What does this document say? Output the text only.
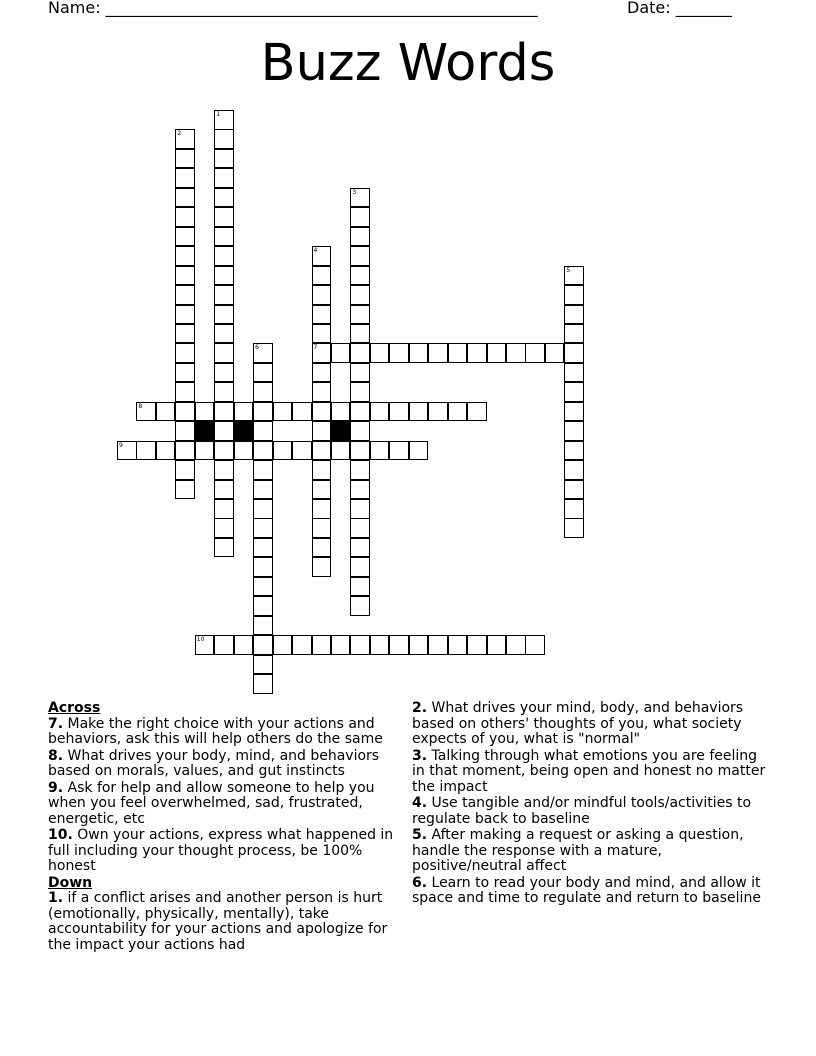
Name: ______________________________________________________	Date: _______
Buzz Words
1
2
3
4
7
5
6
8
9
10

Across

7. Make the right choice with your actions and behaviors, ask this will help others do the same

8. What drives your body, mind, and behaviors based on morals, values, and gut instincts

9. Ask for help and allow someone to help you when you feel overwhelmed, sad, frustrated, energetic, etc

10. Own your actions, express what happened in full including your thought process, be 100% honest

Down

1. if a conflict arises and another person is hurt (emotionally, physically, mentally), take accountability for your actions and apologize for the impact your actions had

2. What drives your mind, body, and behaviors based on others' thoughts of you, what society expects of you, what is "normal"

3. Talking through what emotions you are feeling in that moment, being open and honest no matter the impact

4. Use tangible and/or mindful tools/activities to regulate back to baseline

5. After making a request or asking a question, handle the response with a mature, positive/neutral affect

6. Learn to read your body and mind, and allow it space and time to regulate and return to baseline
